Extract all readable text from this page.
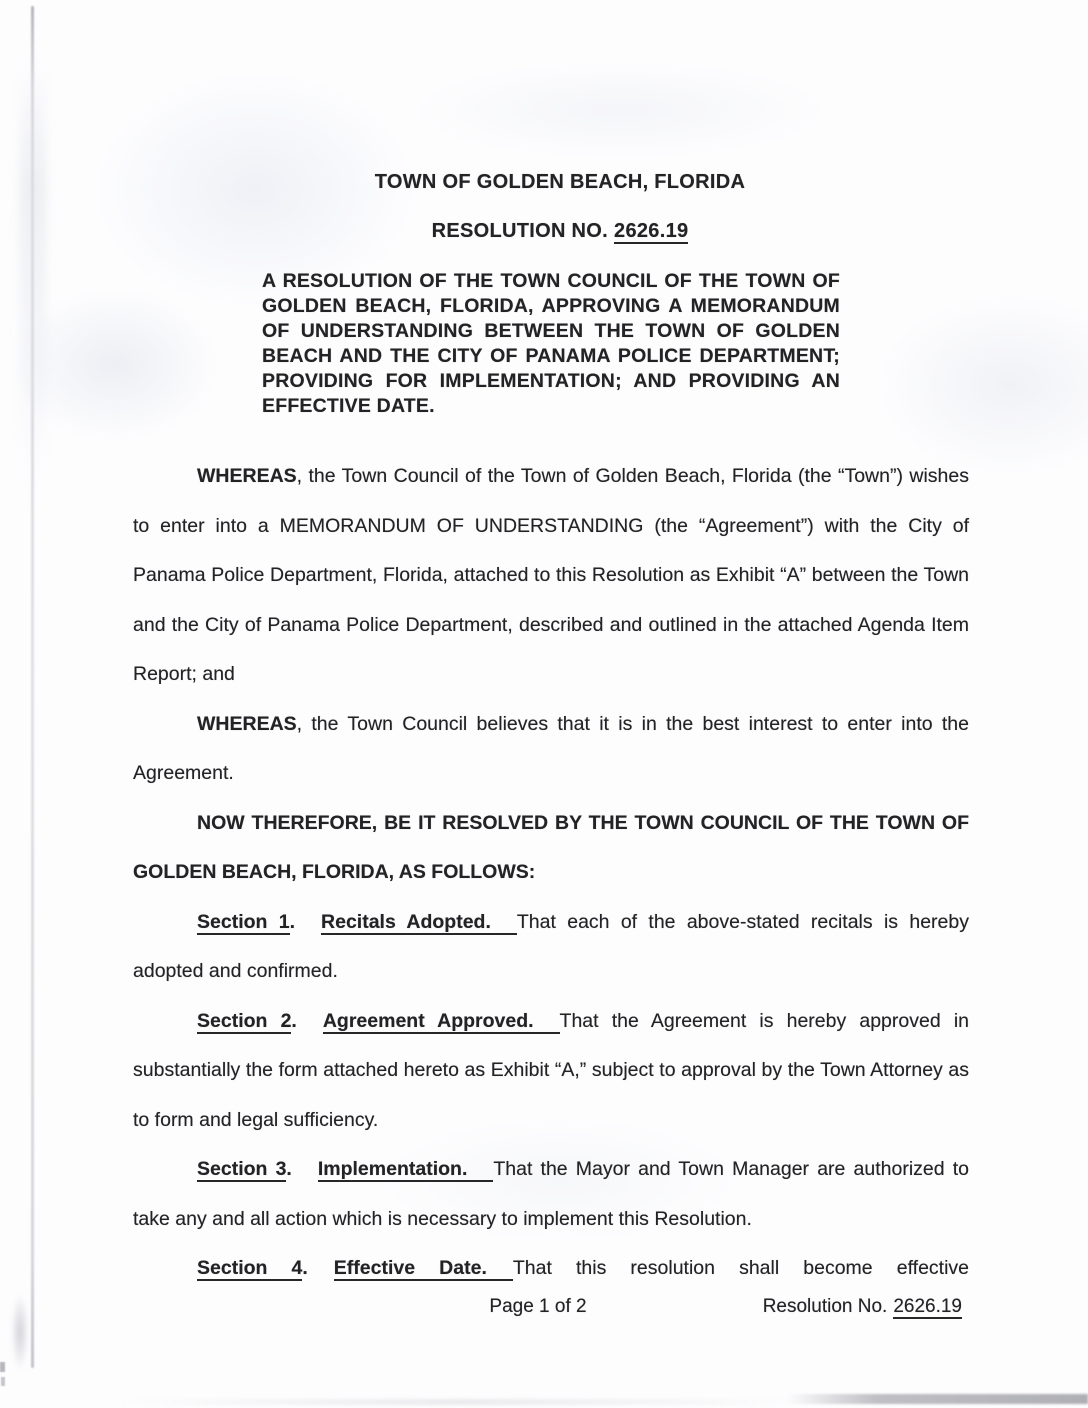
TOWN OF GOLDEN BEACH, FLORIDA
RESOLUTION NO. 2626.19
A RESOLUTION OF THE TOWN COUNCIL OF THE TOWN OF GOLDEN BEACH, FLORIDA, APPROVING A MEMORANDUM OF UNDERSTANDING BETWEEN THE TOWN OF GOLDEN BEACH AND THE CITY OF PANAMA POLICE DEPARTMENT; PROVIDING FOR IMPLEMENTATION; AND PROVIDING AN EFFECTIVE DATE.
WHEREAS, the Town Council of the Town of Golden Beach, Florida (the “Town”) wishes to enter into a MEMORANDUM OF UNDERSTANDING (the “Agreement”) with the City of Panama Police Department, Florida, attached to this Resolution as Exhibit “A” between the Town and the City of Panama Police Department, described and outlined in the attached Agenda Item Report; and
WHEREAS, the Town Council believes that it is in the best interest to enter into the Agreement.
NOW THEREFORE, BE IT RESOLVED BY THE TOWN COUNCIL OF THE TOWN OF GOLDEN BEACH, FLORIDA, AS FOLLOWS:
Section 1. Recitals Adopted. That each of the above-stated recitals is hereby adopted and confirmed.
Section 2. Agreement Approved. That the Agreement is hereby approved in substantially the form attached hereto as Exhibit “A,” subject to approval by the Town Attorney as to form and legal sufficiency.
Section 3. Implementation. That the Mayor and Town Manager are authorized to take any and all action which is necessary to implement this Resolution.
Section 4. Effective Date. That this resolution shall become effective
Page 1 of 2	Resolution No. 2626.19
